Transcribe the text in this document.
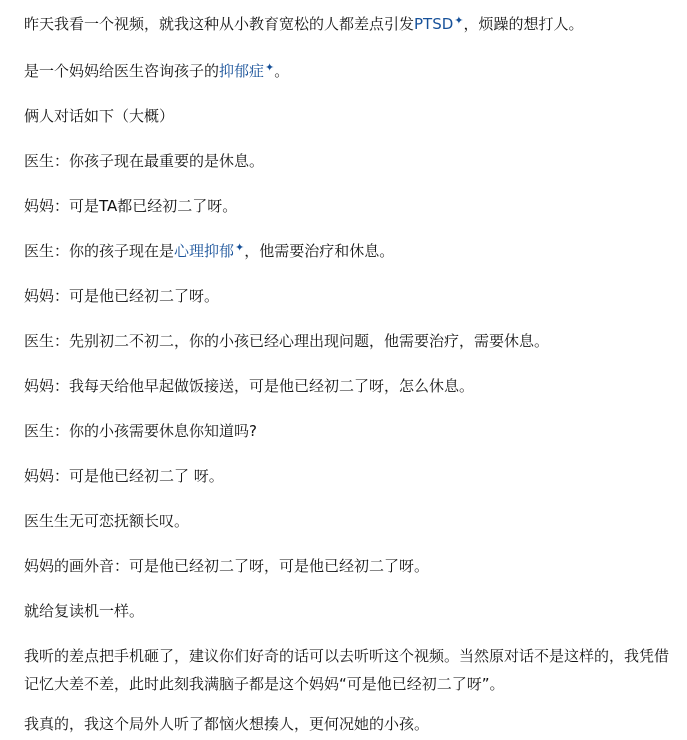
昨天我看一个视频，就我这种从小教育宽松的人都差点引发PTSD✦，烦躁的想打人。

是一个妈妈给医生咨询孩子的抑郁症✦。

俩人对话如下（大概）

医生：你孩子现在最重要的是休息。

妈妈：可是TA都已经初二了呀。

医生：你的孩子现在是心理抑郁✦，他需要治疗和休息。

妈妈：可是他已经初二了呀。

医生：先别初二不初二，你的小孩已经心理出现问题，他需要治疗，需要休息。

妈妈：我每天给他早起做饭接送，可是他已经初二了呀，怎么休息。

医生：你的小孩需要休息你知道吗?

妈妈：可是他已经初二了 呀。

医生生无可恋抚额长叹。

妈妈的画外音：可是他已经初二了呀，可是他已经初二了呀。

就给复读机一样。

我听的差点把手机砸了，建议你们好奇的话可以去听听这个视频。当然原对话不是这样的，我凭借记忆大差不差，此时此刻我满脑子都是这个妈妈“可是他已经初二了呀”。

我真的，我这个局外人听了都恼火想揍人，更何况她的小孩。
